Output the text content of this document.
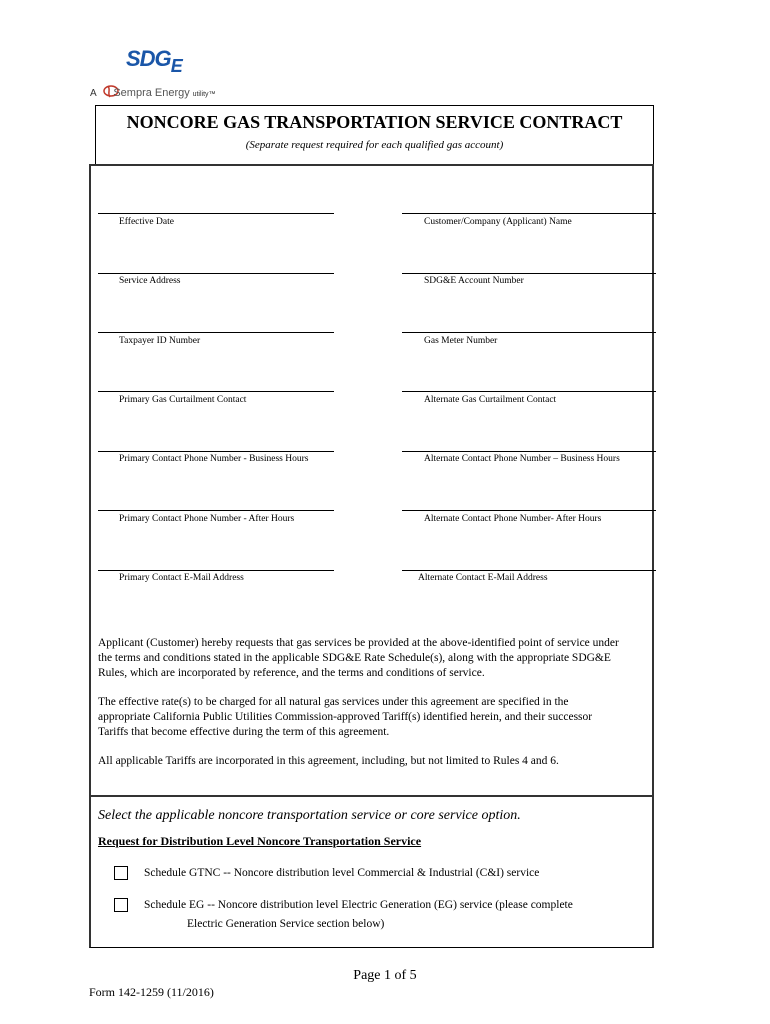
$SDG_E$
A Sempra Energy utility™
NONCORE GAS TRANSPORTATION SERVICE CONTRACT
(Separate request required for each qualified gas account)
Effective Date
Service Address
Taxpayer ID Number
Primary Gas Curtailment Contact
Primary Contact Phone Number - Business Hours
Primary Contact Phone Number - After Hours
Primary Contact E-Mail Address
Customer/Company (Applicant) Name
SDG&E Account Number
Gas Meter Number
Alternate Gas Curtailment Contact
Alternate Contact Phone Number – Business Hours
Alternate Contact Phone Number- After Hours
Alternate Contact E-Mail Address
Applicant (Customer) hereby requests that gas services be provided at the above-identified point of service under
the terms and conditions stated in the applicable SDG&E Rate Schedule(s), along with the appropriate SDG&E
Rules, which are incorporated by reference, and the terms and conditions of service.
The effective rate(s) to be charged for all natural gas services under this agreement are specified in the
appropriate California Public Utilities Commission-approved Tariff(s) identified herein, and their successor
Tariffs that become effective during the term of this agreement.
All applicable Tariffs are incorporated in this agreement, including, but not limited to Rules 4 and 6.
Select the applicable noncore transportation service or core service option.
Request for Distribution Level Noncore Transportation Service
Schedule GTNC -- Noncore distribution level Commercial & Industrial (C&I) service
Schedule EG -- Noncore distribution level Electric Generation (EG) service (please complete
Electric Generation Service section below)
Page 1 of 5
Form 142-1259 (11/2016)
